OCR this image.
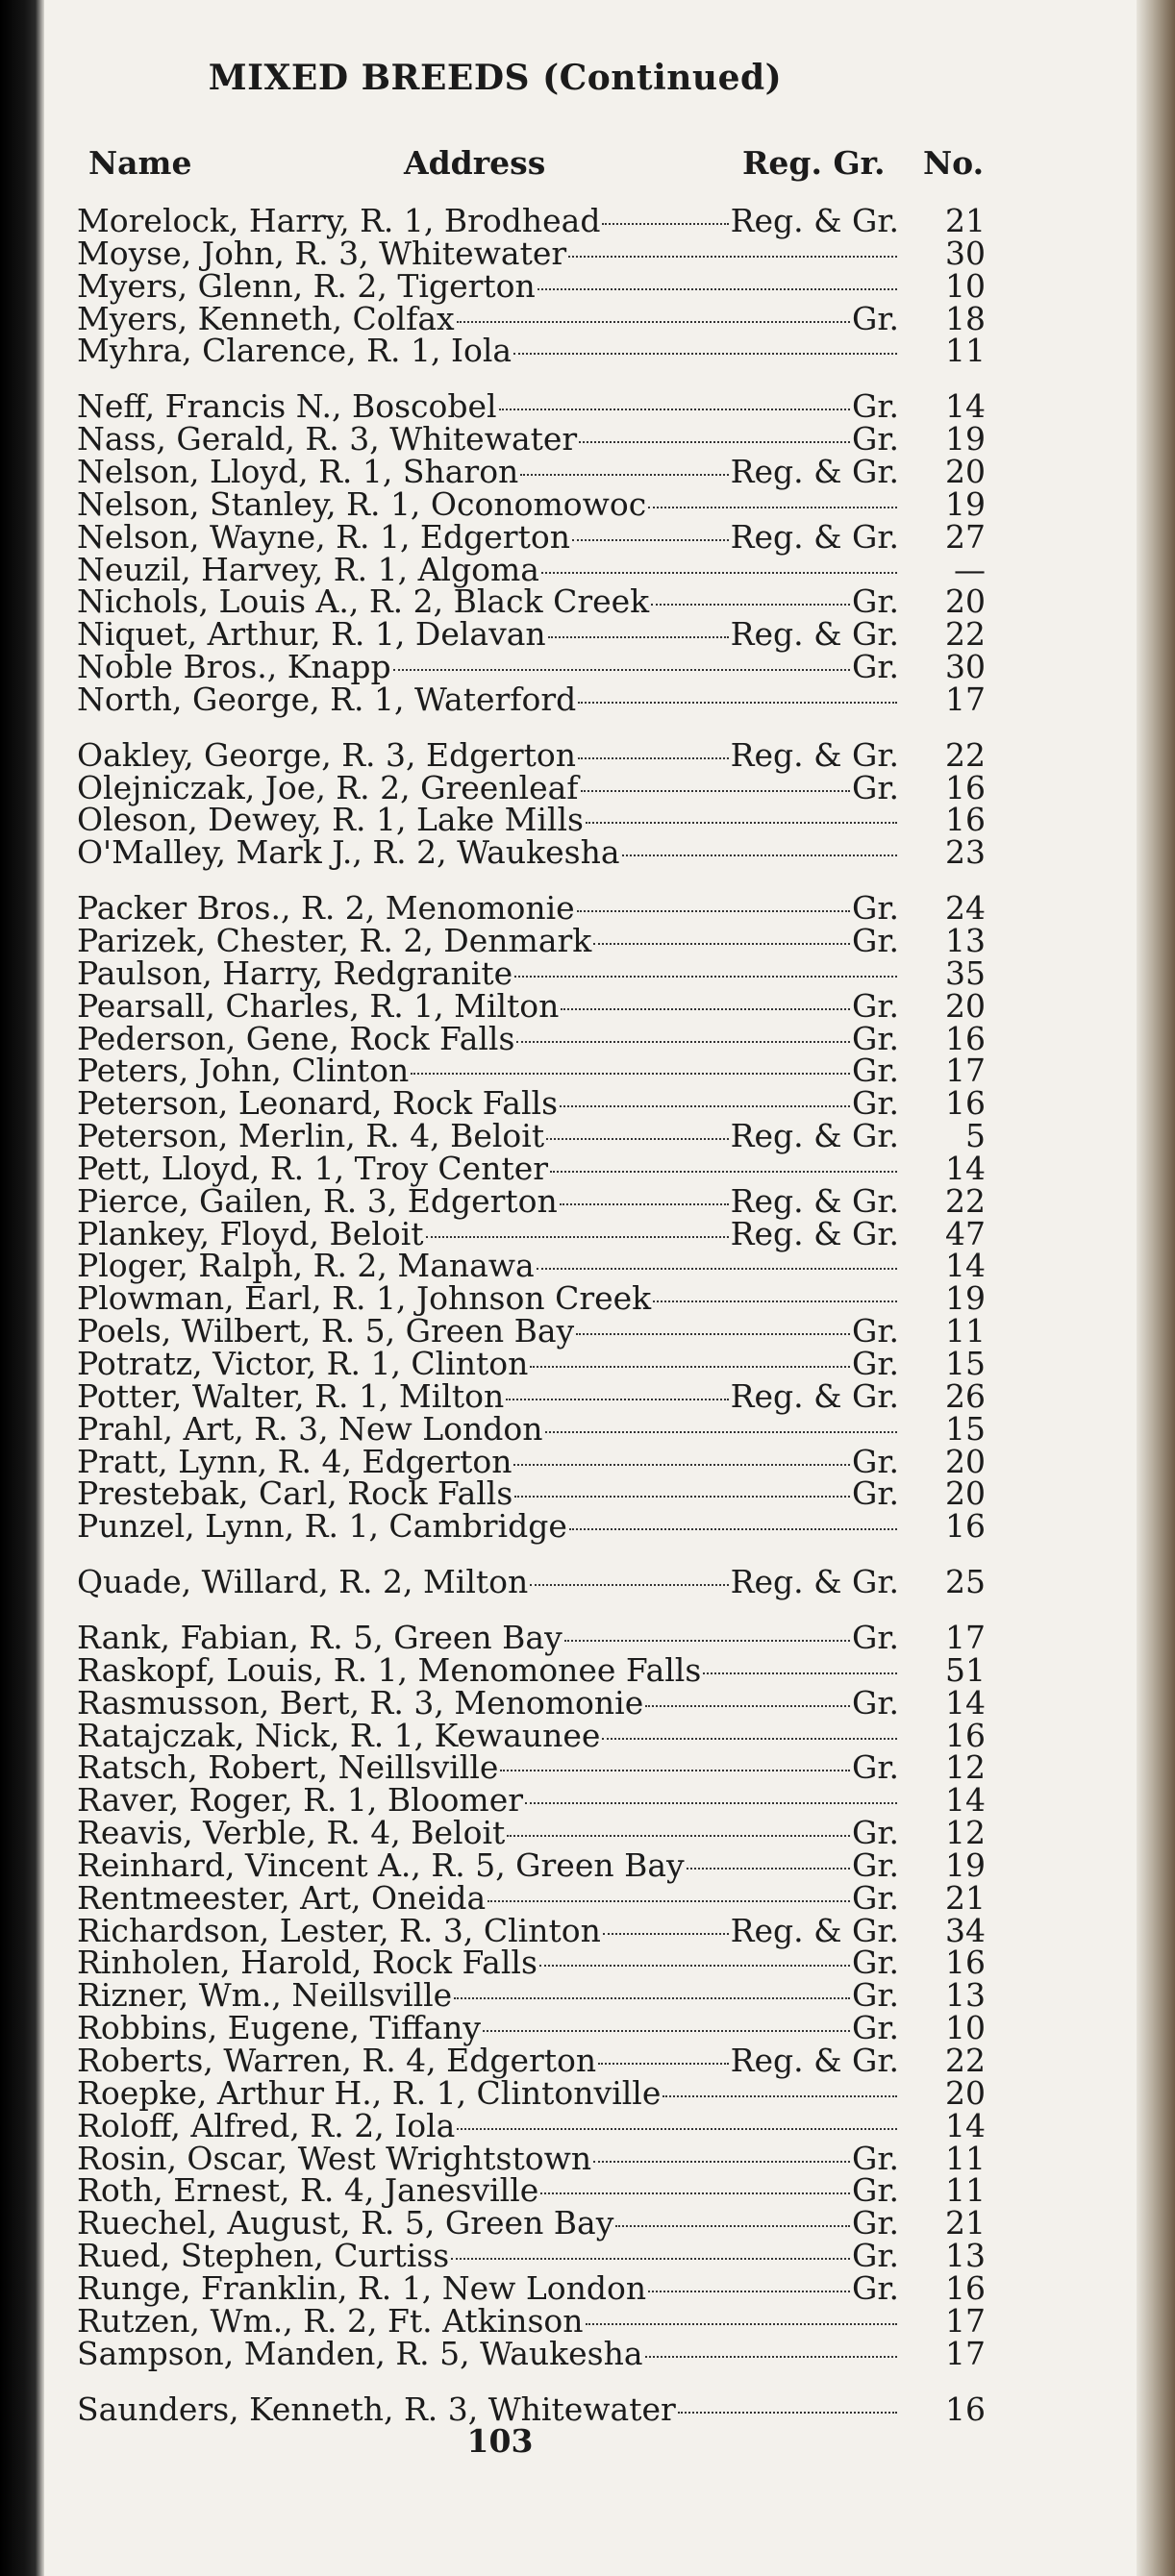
MIXED BREEDS (Continued)
Name	Address	Reg. Gr. No.
Morelock, Harry, R. 1, Brodhead	Reg. & Gr.	21
Moyse, John, R. 3, Whitewater	30
Myers, Glenn, R. 2, Tigerton	10
Myers, Kenneth, Colfax	Gr.	18
Myhra, Clarence, R. 1, Iola	11
Neff, Francis N., Boscobel	Gr.	14
Nass, Gerald, R. 3, Whitewater	Gr.	19
Nelson, Lloyd, R. 1, Sharon	Reg. & Gr.	20
Nelson, Stanley, R. 1, Oconomowoc	19
Nelson, Wayne, R. 1, Edgerton	Reg. & Gr.	27
Neuzil, Harvey, R. 1, Algoma	—
Nichols, Louis A., R. 2, Black Creek	Gr.	20
Niquet, Arthur, R. 1, Delavan	Reg. & Gr.	22
Noble Bros., Knapp	Gr.	30
North, George, R. 1, Waterford	17
Oakley, George, R. 3, Edgerton	Reg. & Gr.	22
Olejniczak, Joe, R. 2, Greenleaf	Gr.	16
Oleson, Dewey, R. 1, Lake Mills	16
O'Malley, Mark J., R. 2, Waukesha	23
Packer Bros., R. 2, Menomonie	Gr.	24
Parizek, Chester, R. 2, Denmark	Gr.	13
Paulson, Harry, Redgranite	35
Pearsall, Charles, R. 1, Milton	Gr.	20
Pederson, Gene, Rock Falls	Gr.	16
Peters, John, Clinton	Gr.	17
Peterson, Leonard, Rock Falls	Gr.	16
Peterson, Merlin, R. 4, Beloit	Reg. & Gr.	5
Pett, Lloyd, R. 1, Troy Center	14
Pierce, Gailen, R. 3, Edgerton	Reg. & Gr.	22
Plankey, Floyd, Beloit	Reg. & Gr.	47
Ploger, Ralph, R. 2, Manawa	14
Plowman, Earl, R. 1, Johnson Creek	19
Poels, Wilbert, R. 5, Green Bay	Gr.	11
Potratz, Victor, R. 1, Clinton	Gr.	15
Potter, Walter, R. 1, Milton	Reg. & Gr.	26
Prahl, Art, R. 3, New London	15
Pratt, Lynn, R. 4, Edgerton	Gr.	20
Prestebak, Carl, Rock Falls	Gr.	20
Punzel, Lynn, R. 1, Cambridge	16
Quade, Willard, R. 2, Milton	Reg. & Gr.	25
Rank, Fabian, R. 5, Green Bay	Gr.	17
Raskopf, Louis, R. 1, Menomonee Falls	51
Rasmusson, Bert, R. 3, Menomonie	Gr.	14
Ratajczak, Nick, R. 1, Kewaunee	16
Ratsch, Robert, Neillsville	Gr.	12
Raver, Roger, R. 1, Bloomer	14
Reavis, Verble, R. 4, Beloit	Gr.	12
Reinhard, Vincent A., R. 5, Green Bay	Gr.	19
Rentmeester, Art, Oneida	Gr.	21
Richardson, Lester, R. 3, Clinton	Reg. & Gr.	34
Rinholen, Harold, Rock Falls	Gr.	16
Rizner, Wm., Neillsville	Gr.	13
Robbins, Eugene, Tiffany	Gr.	10
Roberts, Warren, R. 4, Edgerton	Reg. & Gr.	22
Roepke, Arthur H., R. 1, Clintonville	20
Roloff, Alfred, R. 2, Iola	14
Rosin, Oscar, West Wrightstown	Gr.	11
Roth, Ernest, R. 4, Janesville	Gr.	11
Ruechel, August, R. 5, Green Bay	Gr.	21
Rued, Stephen, Curtiss	Gr.	13
Runge, Franklin, R. 1, New London	Gr.	16
Rutzen, Wm., R. 2, Ft. Atkinson	17
Sampson, Manden, R. 5, Waukesha	17
Saunders, Kenneth, R. 3, Whitewater	16
103
